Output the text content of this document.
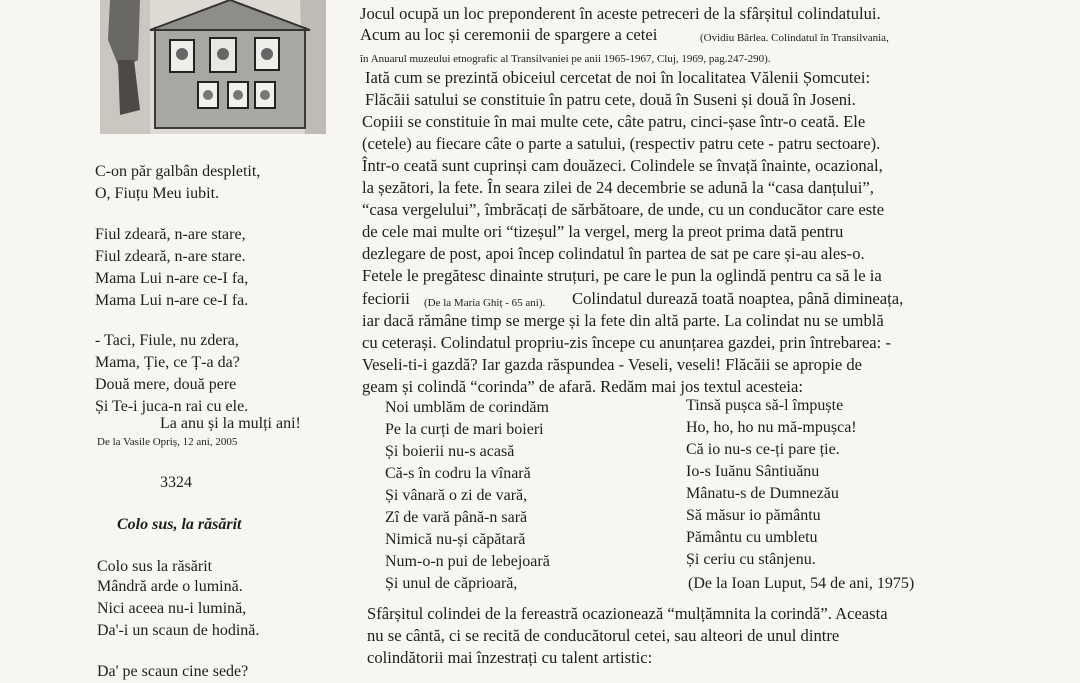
C-on păr galbân despletit,
O, Fiuțu Meu iubit.
Fiul zdeară, n-are stare,
Fiul zdeară, n-are stare.
Mama Lui n-are ce-I fa,
Mama Lui n-are ce-I fa.
- Taci, Fiule, nu zdera,
Mama, Ție, ce Ț-a da?
Două mere, două pere
Și Te-i juca-n rai cu ele.
La anu și la mulți ani!
De la Vasile Opriș, 12 ani, 2005
3324
Colo sus, la răsărit
Colo sus la răsărit
Mândră arde o lumină.
Nici aceea nu-i lumină,
Da'-i un scaun de hodină.
Da' pe scaun cine sede?
Jocul ocupă un loc preponderent în aceste petreceri de la sfârșitul colindatului.
Acum au loc și ceremonii de spargere a cetei	(Ovidiu Bârlea. Colindatul în Transilvania,
în Anuarul muzeului etnografic al Transilvaniei pe anii 1965-1967, Cluj, 1969, pag.247-290).
Iată cum se prezintă obiceiul cercetat de noi în localitatea Vălenii Șomcutei:
Flăcăii satului se constituie în patru cete, două în Suseni și două în Joseni.
Copiii se constituie în mai multe cete, câte patru, cinci-șase într-o ceată. Ele
(cetele) au fiecare câte o parte a satului, (respectiv patru cete - patru sectoare).
Într-o ceată sunt cuprinși cam douăzeci. Colindele se învață înainte, ocazional,
la șezători, la fete. În seara zilei de 24 decembrie se adună la “casa danțului”,
“casa vergelului”, îmbrăcați de sărbătoare, de unde, cu un conducător care este
de cele mai multe ori “tizeșul” la vergel, merg la preot prima dată pentru
dezlegare de post, apoi încep colindatul în partea de sat pe care și-au ales-o.
Fetele le pregătesc dinainte struțuri, pe care le pun la oglindă pentru ca să le ia
feciorii (De la Maria Ghiț - 65 ani). Colindatul durează toată noaptea, până dimineața,
iar dacă rămâne timp se merge și la fete din altă parte. La colindat nu se umblă
cu ceterași. Colindatul propriu-zis începe cu anunțarea gazdei, prin întrebarea: -
Veseli-ti-i gazdă? Iar gazda răspundea - Veseli, veseli! Flăcăii se apropie de
geam și colindă “corinda” de afară. Redăm mai jos textul acesteia:
Noi umblăm de corindăm
Pe la curți de mari boieri
Și boierii nu-s acasă
Că-s în codru la vînară
Și vânară o zi de vară,
Zî de vară până-n sară
Nimică nu-și căpătară
Num-o-n pui de lebejoară
Și unul de căprioară,
Tinsă pușca să-l împuște
Ho, ho, ho nu mă-mpușca!
Că io nu-s ce-ți pare ție.
Io-s Iuănu Sântiuănu
Mânatu-s de Dumnezău
Să măsur io pământu
Pământu cu umbletu
Și ceriu cu stânjenu.
(De la Ioan Luput, 54 de ani, 1975)
Sfârșitul colindei de la fereastră ocazionează “mulțămnita la corindă”. Aceasta
nu se cântă, ci se recită de conducătorul cetei, sau alteori de unul dintre
colindătorii mai înzestrați cu talent artistic:
